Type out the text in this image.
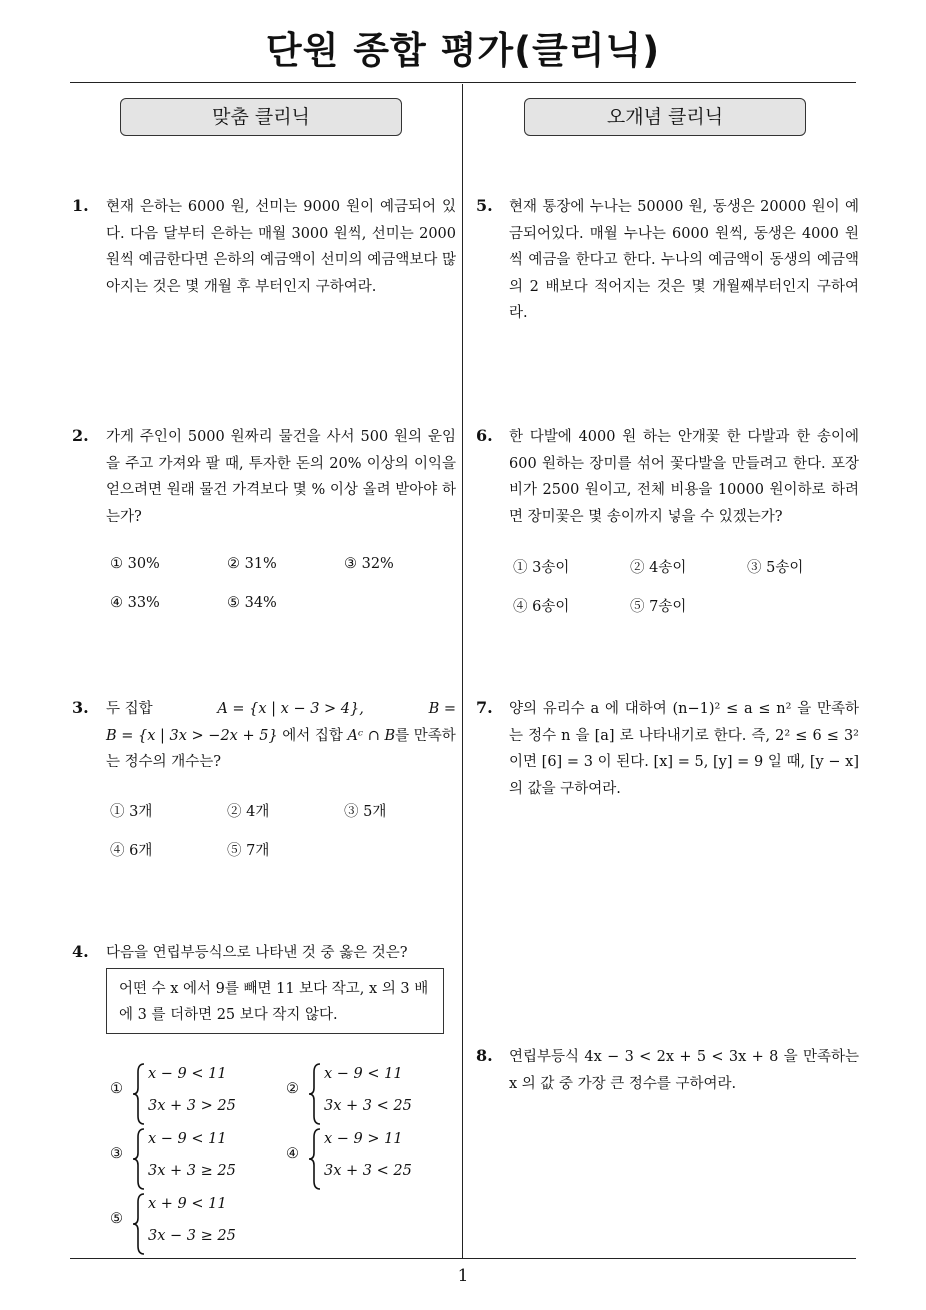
단원 종합 평가(클리닉)
맞춤 클리닉	오개념 클리닉
1. 현재 은하는 6000 원, 선미는 9000 원이 예금되어 있다. 다음 달부터 은하는 매월 3000 원씩, 선미는 2000 원씩 예금한다면 은하의 예금액이 선미의 예금액보다 많아지는 것은 몇 개월 후 부터인지 구하여라.
2. 가게 주인이 5000 원짜리 물건을 사서 500 원의 운임을 주고 가져와 팔 때, 투자한 돈의 20% 이상의 이익을 얻으려면 원래 물건 가격보다 몇 % 이상 올려 받아야 하는가?
① 30%	② 31%	③ 32%
④ 33%	⑤ 34%
3. 두 집합	A = {x | x − 3 > 4},	B =
B = {x | 3x > −2x + 5} 에서 집합 Aᶜ ∩ B를 만족하는 정수의 개수는?
① 3개	② 4개	③ 5개
④ 6개	⑤ 7개
4. 다음을 연립부등식으로 나타낸 것 중 옳은 것은?
어떤 수 x 에서 9를 빼면 11 보다 작고, x 의 3 배에 3 를 더하면 25 보다 작지 않다.
①
x − 9 < 11
3x + 3 > 25
②
x − 9 < 11
3x + 3 < 25
③
x − 9 < 11
3x + 3 ≥ 25
④
x − 9 > 11
3x + 3 < 25
⑤
x + 9 < 11
3x − 3 ≥ 25
5. 현재 통장에 누나는 50000 원, 동생은 20000 원이 예금되어있다. 매월 누나는 6000 원씩, 동생은 4000 원씩 예금을 한다고 한다. 누나의 예금액이 동생의 예금액의 2 배보다 적어지는 것은 몇 개월째부터인지 구하여라.
6. 한 다발에 4000 원 하는 안개꽃 한 다발과 한 송이에 600 원하는 장미를 섞어 꽃다발을 만들려고 한다. 포장비가 2500 원이고, 전체 비용을 10000 원이하로 하려면 장미꽃은 몇 송이까지 넣을 수 있겠는가?
① 3송이	② 4송이	③ 5송이
④ 6송이	⑤ 7송이
7. 양의 유리수 a 에 대하여 (n−1)² ≤ a ≤ n² 을 만족하는 정수 n 을 [a] 로 나타내기로 한다. 즉, 2² ≤ 6 ≤ 3² 이면 [6] = 3 이 된다. [x] = 5, [y] = 9 일 때, [y − x] 의 값을 구하여라.
8. 연립부등식 4x − 3 < 2x + 5 < 3x + 8 을 만족하는 x 의 값 중 가장 큰 정수를 구하여라.
1
